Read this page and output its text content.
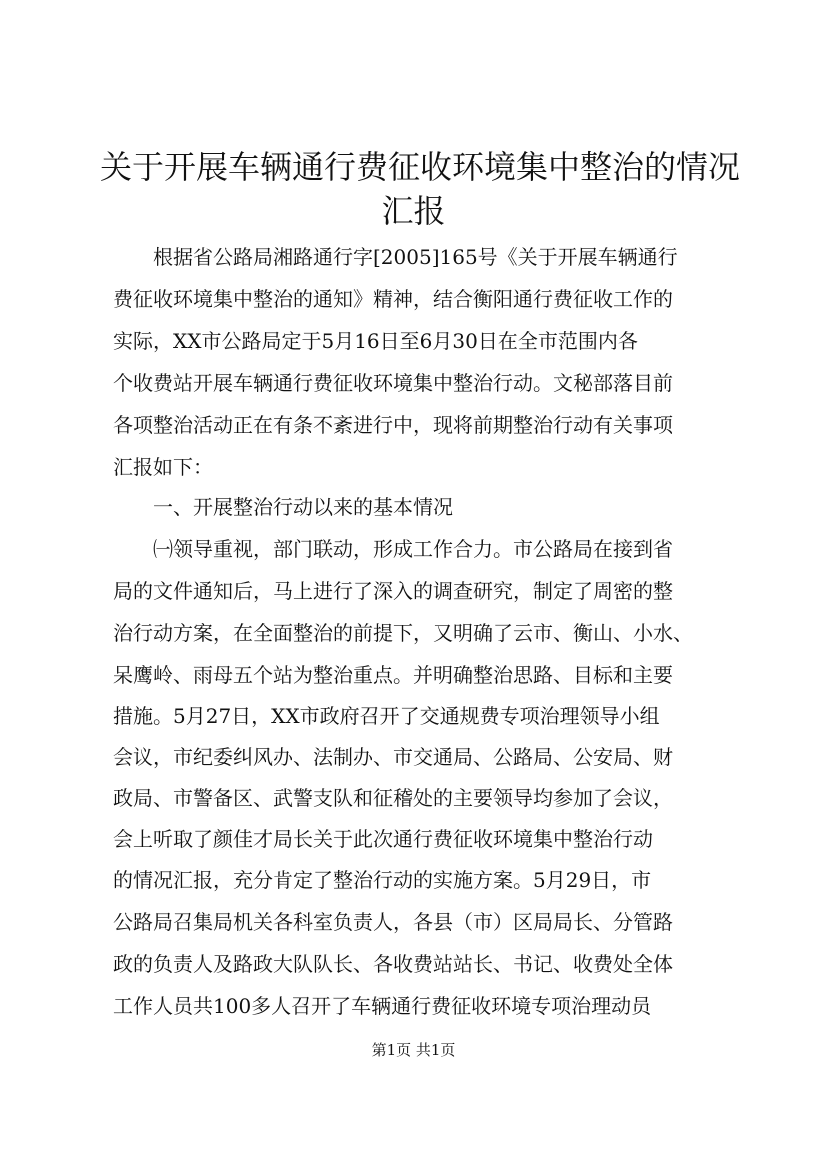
关于开展车辆通行费征收环境集中整治的情况
汇报

　　根据省公路局湘路通行字[2005]165号《关于开展车辆通行

费征收环境集中整治的通知》精神，结合衡阳通行费征收工作的

实际，XX市公路局定于5月16日至6月30日在全市范围内各

个收费站开展车辆通行费征收环境集中整治行动。文秘部落目前

各项整治活动正在有条不紊进行中，现将前期整治行动有关事项

汇报如下：

　　一、开展整治行动以来的基本情况

　　㈠领导重视，部门联动，形成工作合力。市公路局在接到省

局的文件通知后，马上进行了深入的调查研究，制定了周密的整

治行动方案，在全面整治的前提下，又明确了云市、衡山、小水、

呆鹰岭、雨母五个站为整治重点。并明确整治思路、目标和主要

措施。5月27日，XX市政府召开了交通规费专项治理领导小组

会议，市纪委纠风办、法制办、市交通局、公路局、公安局、财

政局、市警备区、武警支队和征稽处的主要领导均参加了会议，

会上听取了颜佳才局长关于此次通行费征收环境集中整治行动

的情况汇报，充分肯定了整治行动的实施方案。5月29日，市

公路局召集局机关各科室负责人，各县（市）区局局长、分管路

政的负责人及路政大队队长、各收费站站长、书记、收费处全体

工作人员共100多人召开了车辆通行费征收环境专项治理动员

第1页 共1页
